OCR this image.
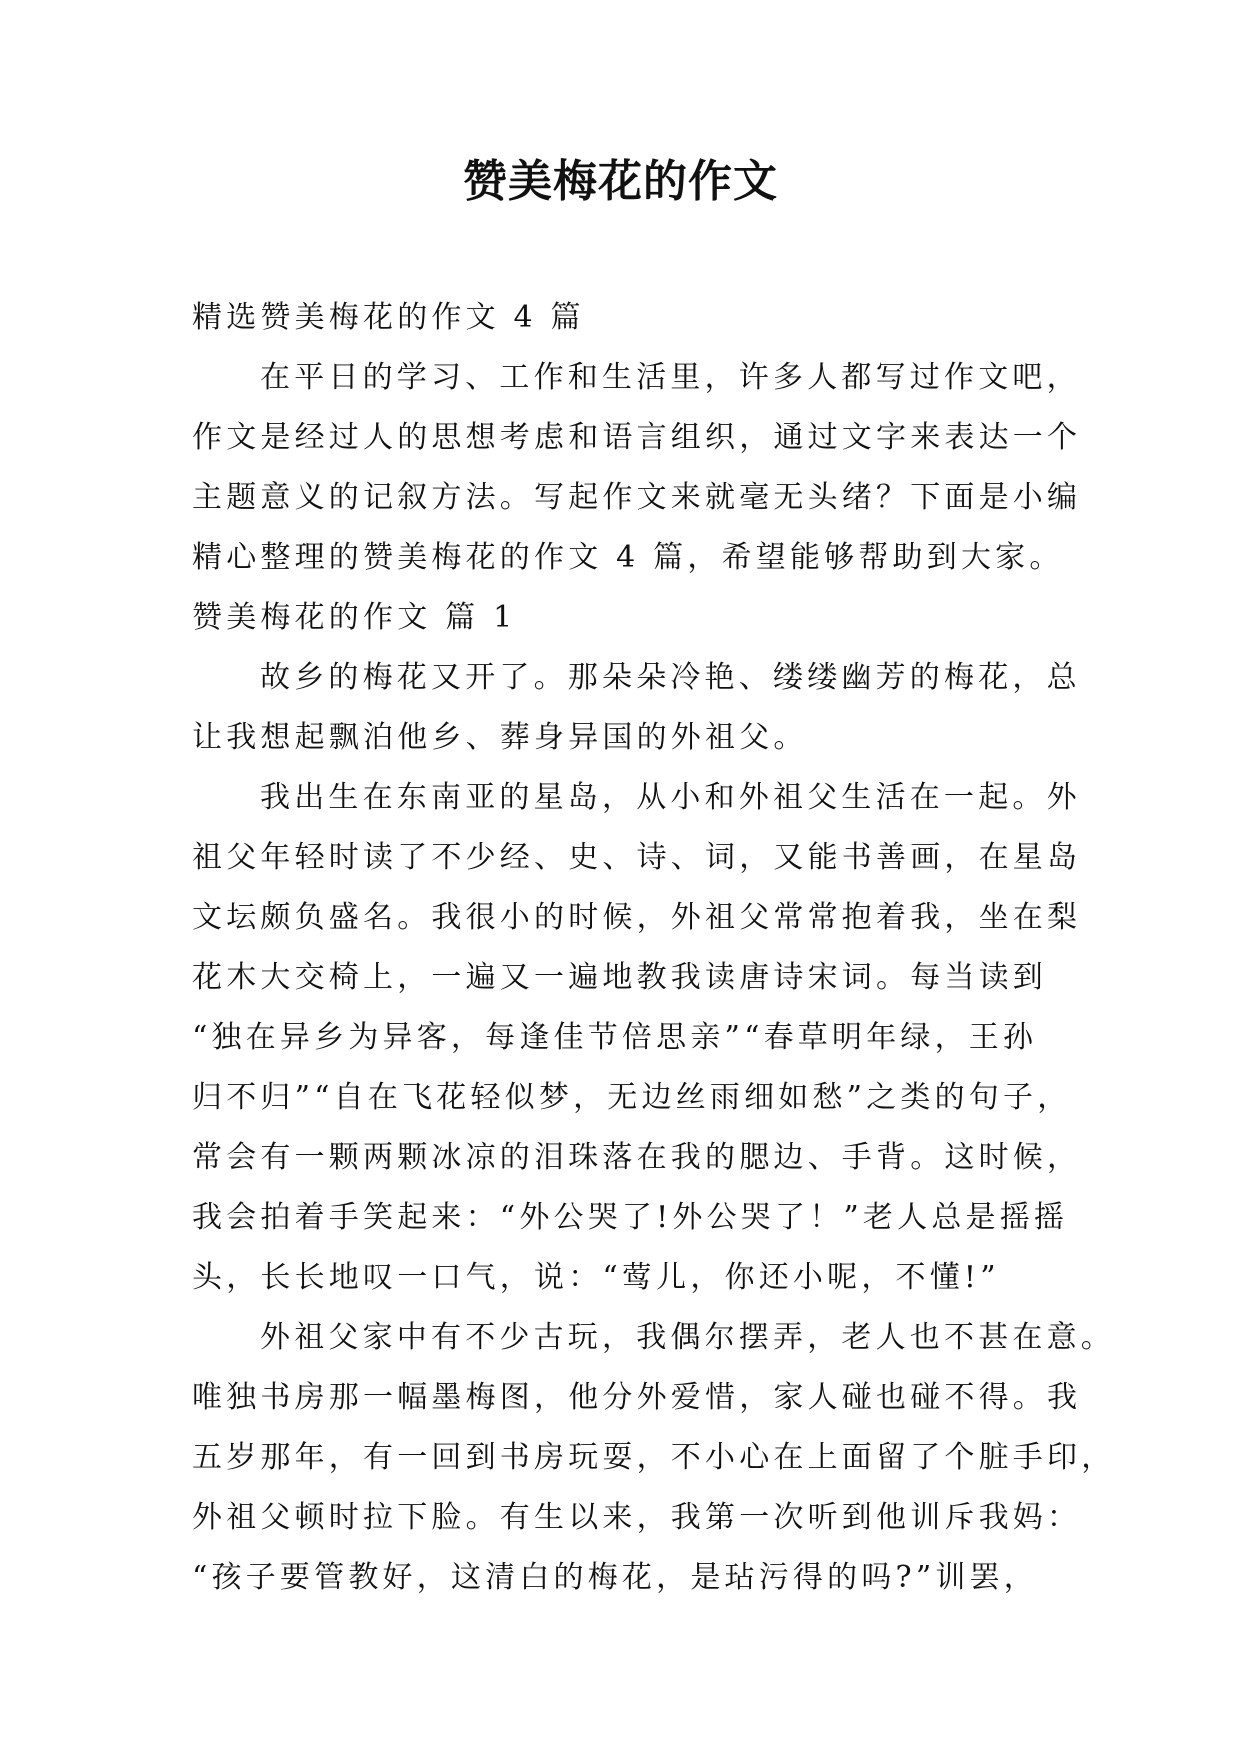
赞美梅花的作文
精选赞美梅花的作文 4 篇
在平日的学习、工作和生活里，许多人都写过作文吧，
作文是经过人的思想考虑和语言组织，通过文字来表达一个
主题意义的记叙方法。写起作文来就毫无头绪？下面是小编
精心整理的赞美梅花的作文 4 篇，希望能够帮助到大家。
赞美梅花的作文 篇 1
故乡的梅花又开了。那朵朵冷艳、缕缕幽芳的梅花，总
让我想起飘泊他乡、葬身异国的外祖父。
我出生在东南亚的星岛，从小和外祖父生活在一起。外
祖父年轻时读了不少经、史、诗、词，又能书善画，在星岛
文坛颇负盛名。我很小的时候，外祖父常常抱着我，坐在梨
花木大交椅上，一遍又一遍地教我读唐诗宋词。每当读到
“独在异乡为异客，每逢佳节倍思亲”“春草明年绿，王孙
归不归”“自在飞花轻似梦，无边丝雨细如愁”之类的句子，
常会有一颗两颗冰凉的泪珠落在我的腮边、手背。这时候，
我会拍着手笑起来：“外公哭了!外公哭了！”老人总是摇摇
头，长长地叹一口气，说：“莺儿，你还小呢，不懂!”
外祖父家中有不少古玩，我偶尔摆弄，老人也不甚在意。
唯独书房那一幅墨梅图，他分外爱惜，家人碰也碰不得。我
五岁那年，有一回到书房玩耍，不小心在上面留了个脏手印，
外祖父顿时拉下脸。有生以来，我第一次听到他训斥我妈：
“孩子要管教好，这清白的梅花，是玷污得的吗?”训罢，
